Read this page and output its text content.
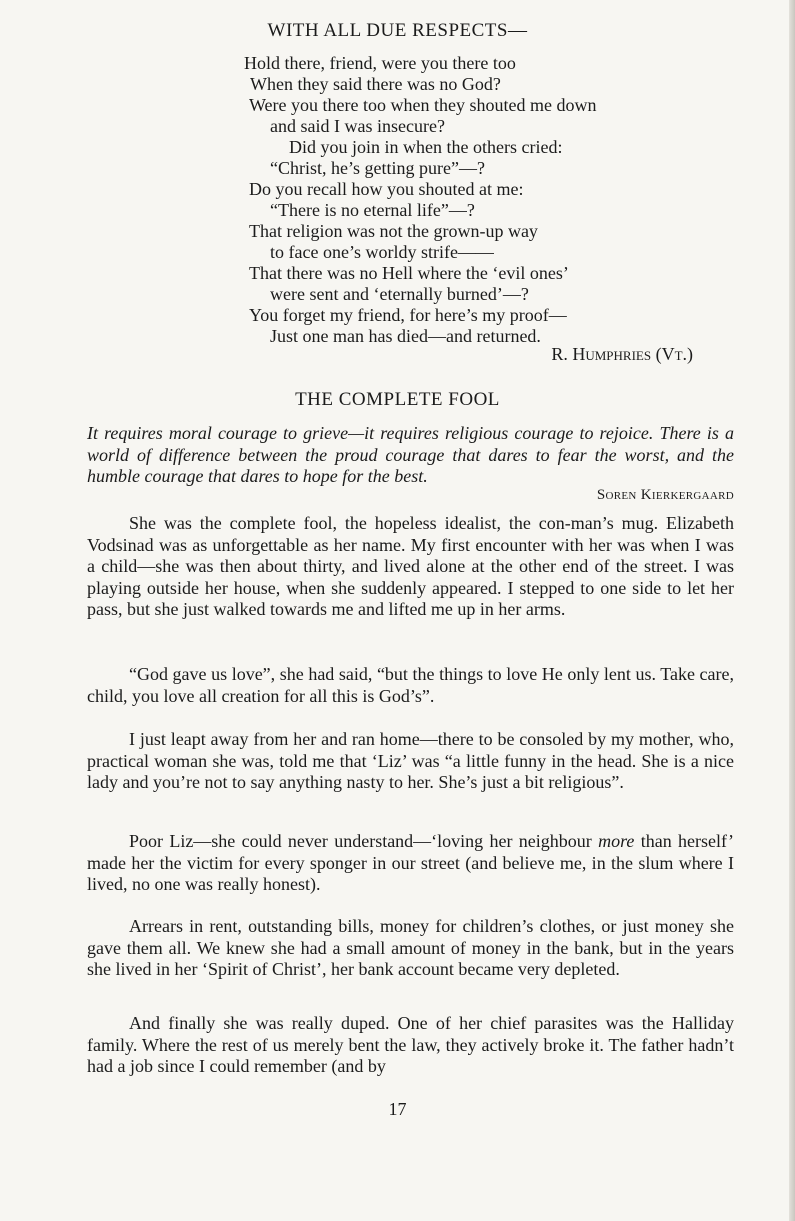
WITH ALL DUE RESPECTS—
Hold there, friend, were you there too
When they said there was no God?
Were you there too when they shouted me down
and said I was insecure?
Did you join in when the others cried:
“Christ, he’s getting pure”—?
Do you recall how you shouted at me:
“There is no eternal life”—?
That religion was not the grown-up way
to face one’s worldy strife——
That there was no Hell where the ‘evil ones’
were sent and ‘eternally burned’—?
You forget my friend, for here’s my proof—
Just one man has died—and returned.
R. Humphries (Vt.)
THE COMPLETE FOOL
It requires moral courage to grieve—it requires religious courage to rejoice. There is a world of difference between the proud courage that dares to fear the worst, and the humble courage that dares to hope for the best.
Soren Kierkergaard

She was the complete fool, the hopeless idealist, the con-man’s mug. Elizabeth Vodsinad was as unforgettable as her name. My first encounter with her was when I was a child—she was then about thirty, and lived alone at the other end of the street. I was playing outside her house, when she suddenly appeared. I stepped to one side to let her pass, but she just walked towards me and lifted me up in her arms.

“God gave us love”, she had said, “but the things to love He only lent us. Take care, child, you love all creation for all this is God’s”.

I just leapt away from her and ran home—there to be consoled by my mother, who, practical woman she was, told me that ‘Liz’ was “a little funny in the head. She is a nice lady and you’re not to say anything nasty to her. She’s just a bit religious”.

Poor Liz—she could never understand—‘loving her neighbour more than herself’ made her the victim for every sponger in our street (and believe me, in the slum where I lived, no one was really honest).

Arrears in rent, outstanding bills, money for children’s clothes, or just money she gave them all. We knew she had a small amount of money in the bank, but in the years she lived in her ‘Spirit of Christ’, her bank account became very depleted.

And finally she was really duped. One of her chief parasites was the Halliday family. Where the rest of us merely bent the law, they actively broke it. The father hadn’t had a job since I could remember (and by

17
